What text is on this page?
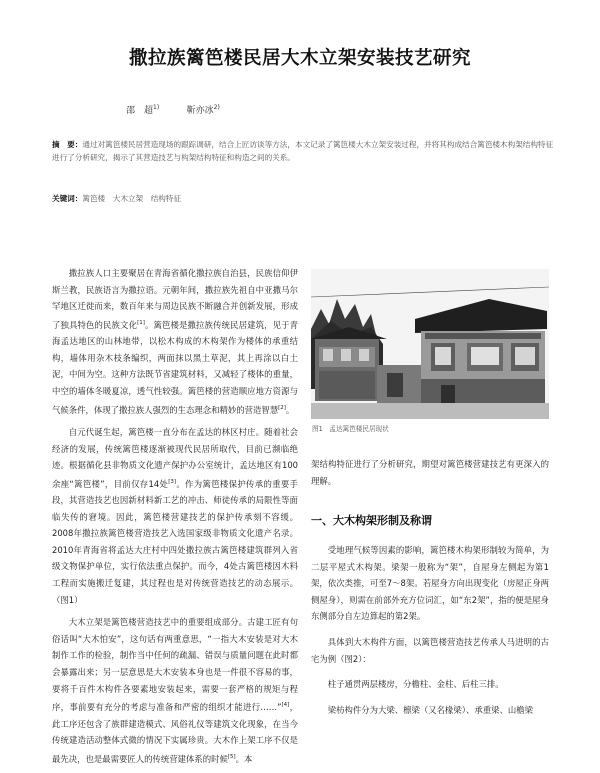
撒拉族篱笆楼民居大木立架安装技艺研究
邵　超$^{1)}$	靳亦冰$^{2)}$
摘　要：通过对篱笆楼民居营造现场的跟踪调研，结合上匠访谈等方法，本文记录了篱笆楼大木立架安装过程，并将其构成结合篱笆楼木构架结构特征进行了分析研究，揭示了其营造技艺与构架结构特征和构造之间的关系。
关键词：篱笆楼　大木立架　结构特征

撒拉族人口主要聚居在青海省循化撒拉族自治县，民族信仰伊斯兰教，民族语言为撒拉语。元朝年间，撒拉族先祖自中亚撒马尔罕地区迁徙而来，数百年来与周边民族不断融合并创新发展，形成了独具特色的民族文化[1]。篱笆楼是撒拉族传统民居建筑，见于青海孟达地区的山林地带，以松木构成的木构架作为楼体的承重结构，墙体用杂木枝条编织，两面抹以黑土草泥，其上再涂以白土泥，中间为空。这种方法既节省建筑材料，又减轻了楼体的重量，中空的墙体冬暖夏凉，透气性较强。篱笆楼的营造顺应地方资源与气候条件，体现了撒拉族人强烈的生态理念和精妙的营造智慧[2]。

自元代诞生起，篱笆楼一直分布在孟达的林区村庄。随着社会经济的发展，传统篱笆楼逐渐被现代民居所取代，目前已濒临绝迹。根据循化县非物质文化遗产保护办公室统计，孟达地区有100余座“篱笆楼”，目前仅存14处[3]。作为篱笆楼保护传承的重要手段，其营造技艺也因新材料新工艺的冲击、师徒传承的局限性等面临失传的窘境。因此，篱笆楼营建技艺的保护传承刻不容缓。2008年撒拉族篱笆楼营造技艺入选国家级非物质文化遗产名录。2010年青海省将孟达大庄村中四处撒拉族古篱笆楼建筑群列入省级文物保护单位，实行依法重点保护。而今，4处古篱笆楼因木料工程而实施搬迁复建，其过程也是对传统营造技艺的动态展示。（图1）

大木立架是篱笆楼营造技艺中的重要组成部分。古建工匠有句俗话叫“大木怕安”，这句话有两重意思，“一指大木安装是对大木制作工作的检验，制作当中任何的疏漏、错误与质量问题在此时都会暴露出来；另一层意思是大木安装本身也是一件很不容易的事，要将千百件木构件各要素地安装起来，需要一套严格的规矩与程序，事前要有充分的考虑与准备和严密的组织才能进行……”[4]，此工序还包含了族群建造模式、风俗礼仪等建筑文化现象，在当今传统建造活动整体式微的情况下实属珍贵。大木作上架工序不仅是最先决，也是最需要匠人的传统营建体系的时候[5]。本

图1　孟达篱笆楼民居现状

架结构特征进行了分析研究，期望对篱笆楼营建技艺有更深入的理解。

一、大木构架形制及称谓

受地理气候等因素的影响，篱笆楼木构架形制较为简单，为二层平屋式木构架。梁架一般称为“架”，自屋身左侧起为第1架，依次类推，可至7～8架。若屋身方向出现变化（房屋正身两侧屋身），则需在前部外充方位词汇，如“东2架”，指的便是屋身东侧部分自左边算起的第2架。

具体到大木构件方面，以篱笆楼营造技艺传承人马进明的古宅为例（图2）：

柱子通贯两层楼房，分檐柱、金柱、后柱三排。

梁枋构件分为大梁、檩梁（又名椽梁）、承重梁、山檐梁
